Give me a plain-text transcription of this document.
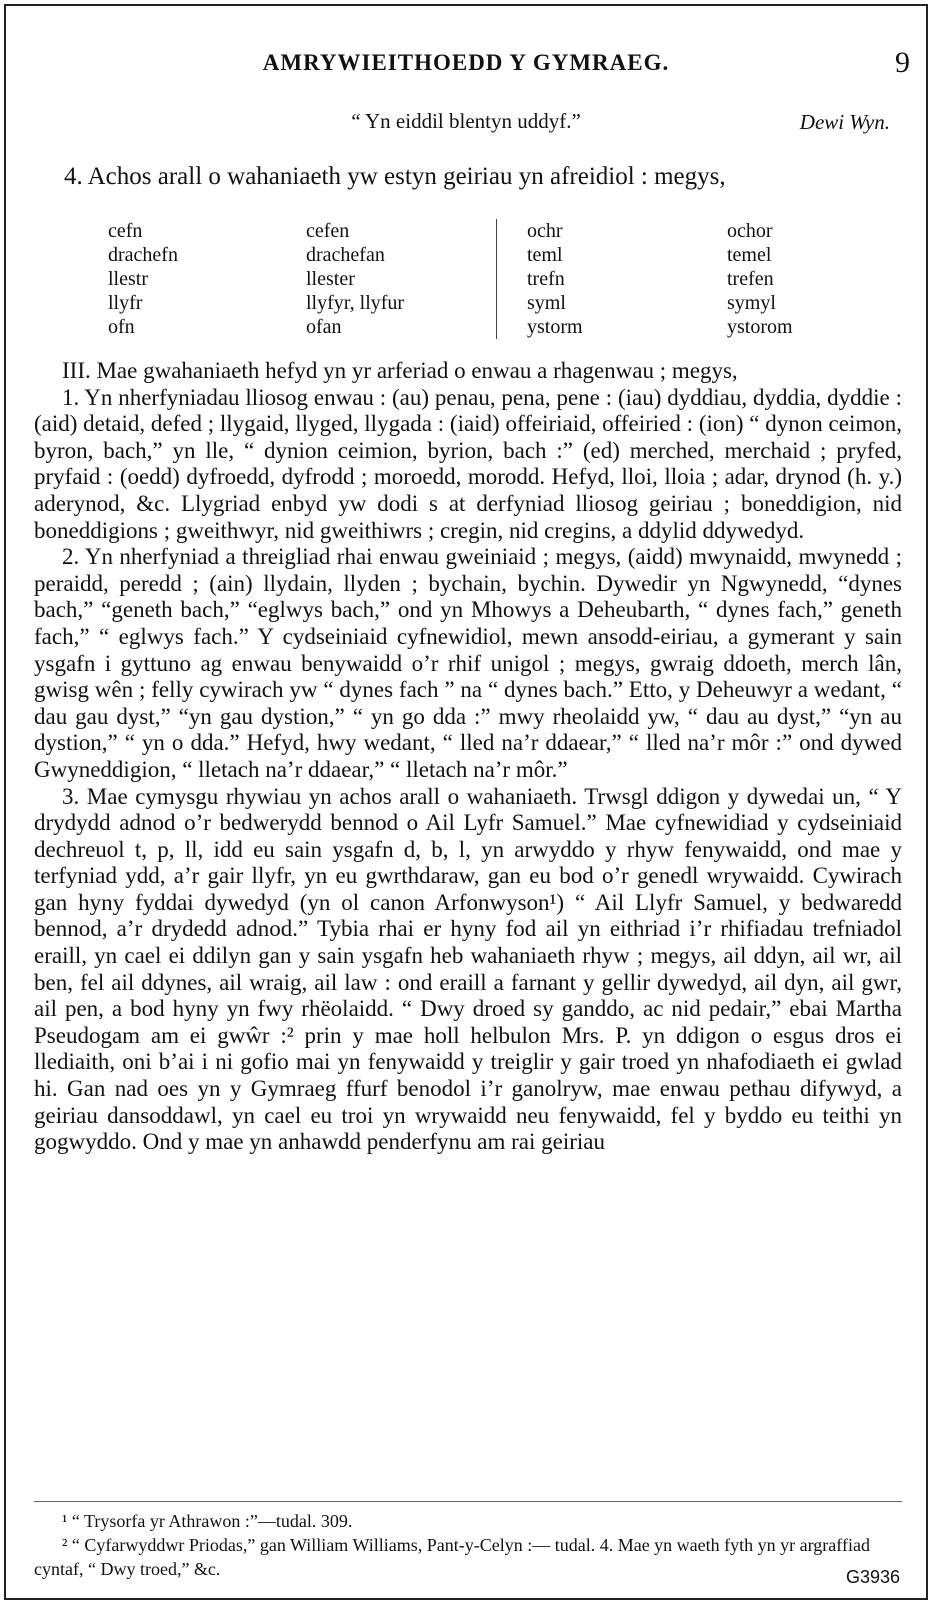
AMRYWIEITHOEDD Y GYMRAEG.	9
“ Yn eiddil blentyn uddyf.”	Dewi Wyn.
4. Achos arall o wahaniaeth yw estyn geiriau yn afreidiol : megys,
cefn	cefen		ochr	ochor
drachefn	drachefan		teml	temel
llestr	llester		trefn	trefen
llyfr	llyfyr, llyfur		syml	symyl
ofn	ofan		ystorm	ystorom

III. Mae gwahaniaeth hefyd yn yr arferiad o enwau a rhagenwau ; megys,

1. Yn nherfyniadau lliosog enwau : (au) penau, pena, pene : (iau) dyddiau, dyddia, dyddie : (aid) detaid, defed ; llygaid, llyged, llygada : (iaid) offeiriaid, offeiried : (ion) “ dynon ceimon, byron, bach,” yn lle, “ dynion ceimion, byrion, bach :” (ed) merched, merchaid ; pryfed, pryfaid : (oedd) dyfroedd, dyfrodd ; moroedd, morodd. Hefyd, lloi, lloia ; adar, drynod (h. y.) aderynod, &c. Llygriad enbyd yw dodi s at derfyniad lliosog geiriau ; boneddigion, nid boneddigions ; gweithwyr, nid gweithiwrs ; cregin, nid cregins, a ddylid ddywedyd.

2. Yn nherfyniad a threigliad rhai enwau gweiniaid ; megys, (aidd) mwynaidd, mwynedd ; peraidd, peredd ; (ain) llydain, llyden ; bychain, bychin. Dywedir yn Ngwynedd, “dynes bach,” “geneth bach,” “eglwys bach,” ond yn Mhowys a Deheubarth, “ dynes fach,” geneth fach,” “ eglwys fach.” Y cydseiniaid cyfnewidiol, mewn ansodd-eiriau, a gymerant y sain ysgafn i gyttuno ag enwau benywaidd o’r rhif unigol ; megys, gwraig ddoeth, merch lân, gwisg wên ; felly cywirach yw “ dynes fach ” na “ dynes bach.” Etto, y Deheuwyr a wedant, “ dau gau dyst,” “yn gau dystion,” “ yn go dda :” mwy rheolaidd yw, “ dau au dyst,” “yn au dystion,” “ yn o dda.” Hefyd, hwy wedant, “ lled na’r ddaear,” “ lled na’r môr :” ond dywed Gwyneddigion, “ lletach na’r ddaear,” “ lletach na’r môr.”

3. Mae cymysgu rhywiau yn achos arall o wahaniaeth. Trwsgl ddigon y dywedai un, “ Y drydydd adnod o’r bedwerydd bennod o Ail Lyfr Samuel.” Mae cyfnewidiad y cydseiniaid dechreuol t, p, ll, idd eu sain ysgafn d, b, l, yn arwyddo y rhyw fenywaidd, ond mae y terfyniad ydd, a’r gair llyfr, yn eu gwrthdaraw, gan eu bod o’r genedl wrywaidd. Cywirach gan hyny fyddai dywedyd (yn ol canon Arfonwyson¹) “ Ail Llyfr Samuel, y bedwaredd bennod, a’r drydedd adnod.” Tybia rhai er hyny fod ail yn eithriad i’r rhifiadau trefniadol eraill, yn cael ei ddilyn gan y sain ysgafn heb wahaniaeth rhyw ; megys, ail ddyn, ail wr, ail ben, fel ail ddynes, ail wraig, ail law : ond eraill a farnant y gellir dywedyd, ail dyn, ail gwr, ail pen, a bod hyny yn fwy rhëolaidd. “ Dwy droed sy ganddo, ac nid pedair,” ebai Martha Pseudogam am ei gwŵr :² prin y mae holl helbulon Mrs. P. yn ddigon o esgus dros ei llediaith, oni b’ai i ni gofio mai yn fenywaidd y treiglir y gair troed yn nhafodiaeth ei gwlad hi. Gan nad oes yn y Gymraeg ffurf benodol i’r ganolryw, mae enwau pethau difywyd, a geiriau dansoddawl, yn cael eu troi yn wrywaidd neu fenywaidd, fel y byddo eu teithi yn gogwyddo. Ond y mae yn anhawdd penderfynu am rai geiriau

¹ “ Trysorfa yr Athrawon :”—tudal. 309.

² “ Cyfarwyddwr Priodas,” gan William Williams, Pant-y-Celyn :— tudal. 4. Mae yn waeth fyth yn yr argraffiad cyntaf, “ Dwy troed,” &c.	G3936
